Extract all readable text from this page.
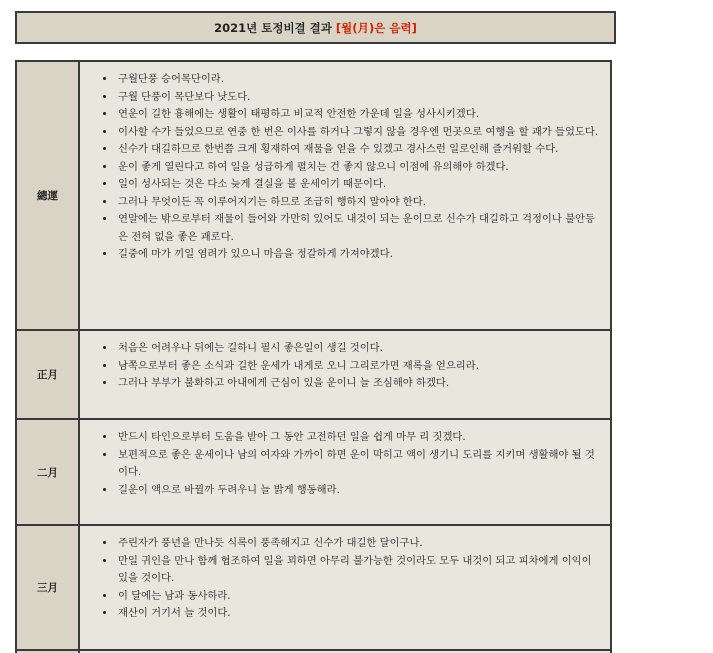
2021년 토정비결 결과
[월(月)은 음력]
總運
• 구월단풍 승어목단이라.
• 구월 단풍이 목단보다 낫도다.
• 연운이 길한 흉해에는 생활이 태평하고 비교적 안전한 가운데 일을 성사시키겠다.
• 이사할 수가 들었으므로 연중 한 번은 이사를 하거나 그렇지 않을 경우엔 먼곳으로 여행을 할 괘가 들었도다.
• 신수가 대길하므로 한번쯤 크게 횡재하여 재물을 얻을 수 있겠고 경사스런 일로인해 즐거워할 수다.
• 운이 좋게 열린다고 하여 일을 성급하게 펼치는 건 좋지 않으니 이점에 유의해야 하겠다.
• 일이 성사되는 것은 다소 늦게 결실을 볼 운세이기 때문이다.
• 그러나 무엇이든 꼭 이루어지기는 하므로 조급히 행하지 말아야 한다.
• 연말에는 밖으로부터 재물이 들어와 가만히 있어도 내것이 되는 운이므로 신수가 대길하고 걱정이나 불안등은 전혀 없을 좋은 괘로다.
• 길중에 마가 끼일 염려가 있으니 마음을 정갈하게 가져야겠다.
正月
• 처음은 어려우나 뒤에는 길하니 필시 좋은일이 생길 것이다.
• 남쪽으로부터 좋은 소식과 길한 운세가 내게로 오니 그리로가면 재록을 얻으리라.
• 그러나 부부가 불화하고 아내에게 근심이 있을 운이니 늘 조심해야 하겠다.
二月
• 반드시 타인으로부터 도움을 받아 그 동안 고전하던 일을 쉽게 마무 리 짓겠다.
• 보편적으로 좋은 운세이나 남의 여자와 가까이 하면 운이 막히고 액이 생기니 도리를 지키며 생활해야 될 것이다.
• 길운이 액으로 바뀔까 두려우니 늘 밝게 행동해라.
三月
• 주린자가 풍년을 만나듯 식록이 풍족해지고 신수가 대길한 달이구나.
• 만일 귀인을 만나 함께 협조하여 일을 꾀하면 아무리 불가능한 것이라도 모두 내것이 되고 피차에게 이익이 있을 것이다.
• 이 달에는 남과 동사하라.
• 재산이 거기서 늘 것이다.
